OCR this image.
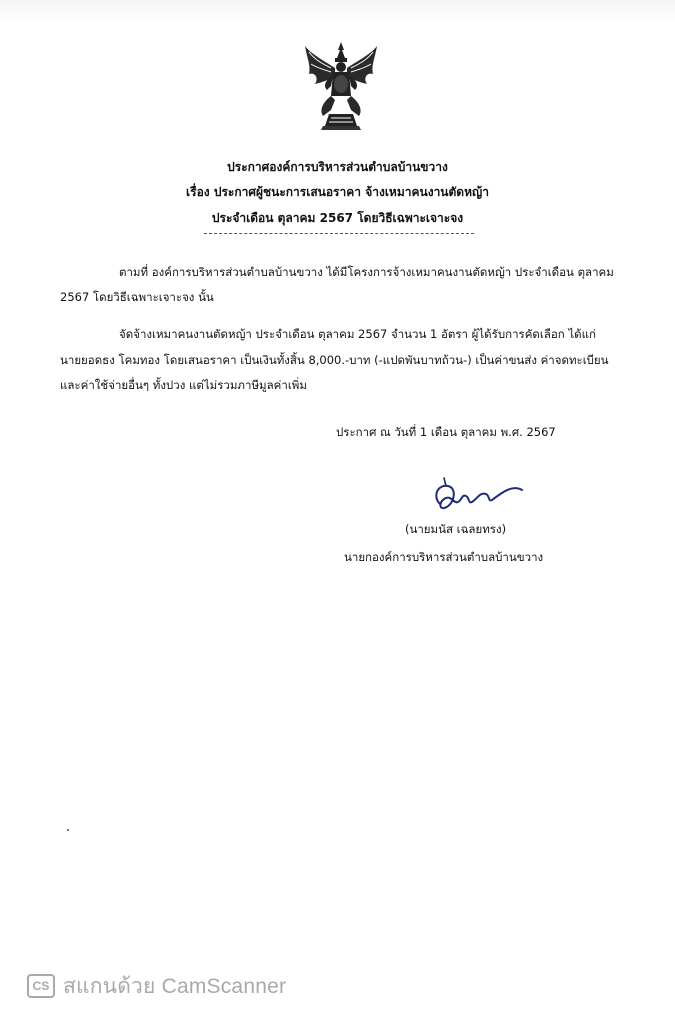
ประกาศองค์การบริหารส่วนตำบลบ้านขวาง
เรื่อง ประกาศผู้ชนะการเสนอราคา จ้างเหมาคนงานตัดหญ้า
ประจำเดือน ตุลาคม 2567 โดยวิธีเฉพาะเจาะจง
ตามที่ องค์การบริหารส่วนตำบลบ้านขวาง ได้มีโครงการจ้างเหมาคนงานตัดหญ้า ประจำเดือน ตุลาคม
2567 โดยวิธีเฉพาะเจาะจง นั้น
จัดจ้างเหมาคนงานตัดหญ้า ประจำเดือน ตุลาคม 2567 จำนวน 1 อัตรา ผู้ได้รับการคัดเลือก ได้แก่
นายยอดธง โคมทอง โดยเสนอราคา เป็นเงินทั้งสิ้น 8,000.-บาท (-แปดพันบาทถ้วน-) เป็นค่าขนส่ง ค่าจดทะเบียน
และค่าใช้จ่ายอื่นๆ ทั้งปวง แต่ไม่รวมภาษีมูลค่าเพิ่ม
ประกาศ ณ วันที่ 1 เดือน ตุลาคม พ.ศ. 2567
(นายมนัส เฉลยทรง)
นายกองค์การบริหารส่วนตำบลบ้านขวาง
CS สแกนด้วย CamScanner
